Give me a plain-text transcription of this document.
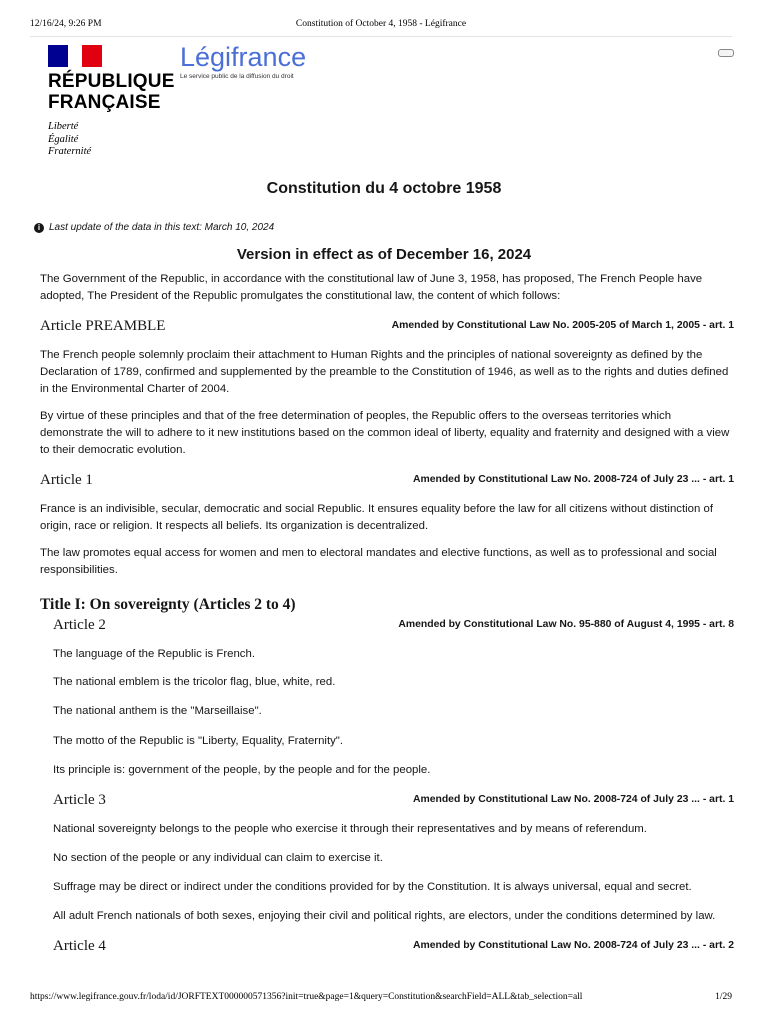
12/16/24, 9:26 PM	Constitution of October 4, 1958 - Légifrance
RÉPUBLIQUE
FRANÇAISE
Liberté
Égalité
Fraternité
Légifrance
Le service public de la diffusion du droit
Constitution du 4 octobre 1958
i Last update of the data in this text: March 10, 2024
Version in effect as of December 16, 2024

The Government of the Republic, in accordance with the constitutional law of June 3, 1958, has proposed, The French People have adopted, The President of the Republic promulgates the constitutional law, the content of which follows:

Article PREAMBLE	Amended by Constitutional Law No. 2005-205 of March 1, 2005 - art. 1

The French people solemnly proclaim their attachment to Human Rights and the principles of national sovereignty as defined by the Declaration of 1789, confirmed and supplemented by the preamble to the Constitution of 1946, as well as to the rights and duties defined in the Environmental Charter of 2004.

By virtue of these principles and that of the free determination of peoples, the Republic offers to the overseas territories which demonstrate the will to adhere to it new institutions based on the common ideal of liberty, equality and fraternity and designed with a view to their democratic evolution.

Article 1	Amended by Constitutional Law No. 2008-724 of July 23 ... - art. 1

France is an indivisible, secular, democratic and social Republic. It ensures equality before the law for all citizens without distinction of origin, race or religion. It respects all beliefs. Its organization is decentralized.

The law promotes equal access for women and men to electoral mandates and elective functions, as well as to professional and social responsibilities.

Title I: On sovereignty (Articles 2 to 4)
Article 2	Amended by Constitutional Law No. 95-880 of August 4, 1995 - art. 8

The language of the Republic is French.

The national emblem is the tricolor flag, blue, white, red.

The national anthem is the "Marseillaise".

The motto of the Republic is "Liberty, Equality, Fraternity".

Its principle is: government of the people, by the people and for the people.

Article 3	Amended by Constitutional Law No. 2008-724 of July 23 ... - art. 1

National sovereignty belongs to the people who exercise it through their representatives and by means of referendum.

No section of the people or any individual can claim to exercise it.

Suffrage may be direct or indirect under the conditions provided for by the Constitution. It is always universal, equal and secret.

All adult French nationals of both sexes, enjoying their civil and political rights, are electors, under the conditions determined by law.

Article 4	Amended by Constitutional Law No. 2008-724 of July 23 ... - art. 2
https://www.legifrance.gouv.fr/loda/id/JORFTEXT000000571356?init=true&page=1&query=Constitution&searchField=ALL&tab_selection=all	1/29
